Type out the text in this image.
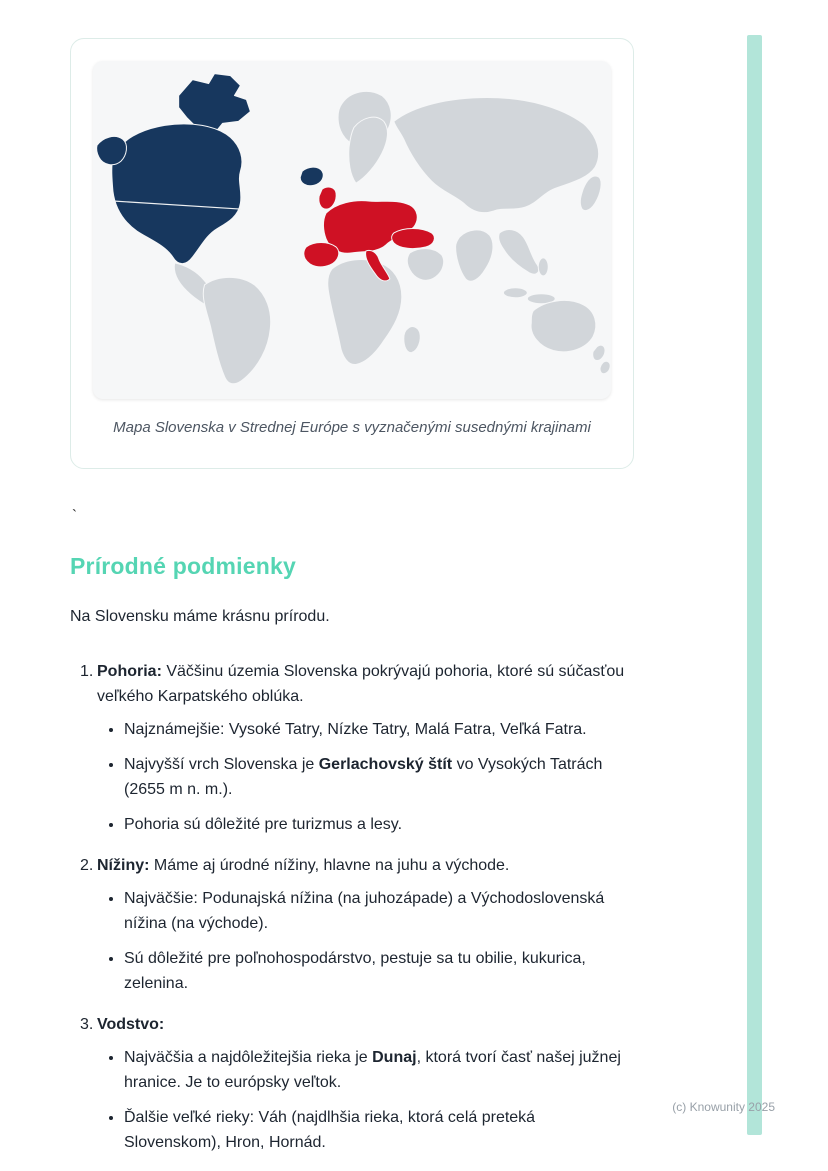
Mapa Slovenska v Strednej Európe s vyznačenými susednými krajinami
`
Prírodné podmienky

Na Slovensku máme krásnu prírodu.

1. Pohoria: Väčšinu územia Slovenska pokrývajú pohoria, ktoré sú súčasťou veľkého Karpatského oblúka.

• Najznámejšie: Vysoké Tatry, Nízke Tatry, Malá Fatra, Veľká Fatra.
• Najvyšší vrch Slovenska je Gerlachovský štít vo Vysokých Tatrách (2655 m n. m.).
• Pohoria sú dôležité pre turizmus a lesy.
2. Nížiny: Máme aj úrodné nížiny, hlavne na juhu a východe.

• Najväčšie: Podunajská nížina (na juhozápade) a Východoslovenská nížina (na východe).
• Sú dôležité pre poľnohospodárstvo, pestuje sa tu obilie, kukurica, zelenina.
3. Vodstvo:

• Najväčšia a najdôležitejšia rieka je Dunaj, ktorá tvorí časť našej južnej hranice. Je to európsky veľtok.
• Ďalšie veľké rieky: Váh (najdlhšia rieka, ktorá celá preteká Slovenskom), Hron, Hornád.
(c) Knowunity 2025
